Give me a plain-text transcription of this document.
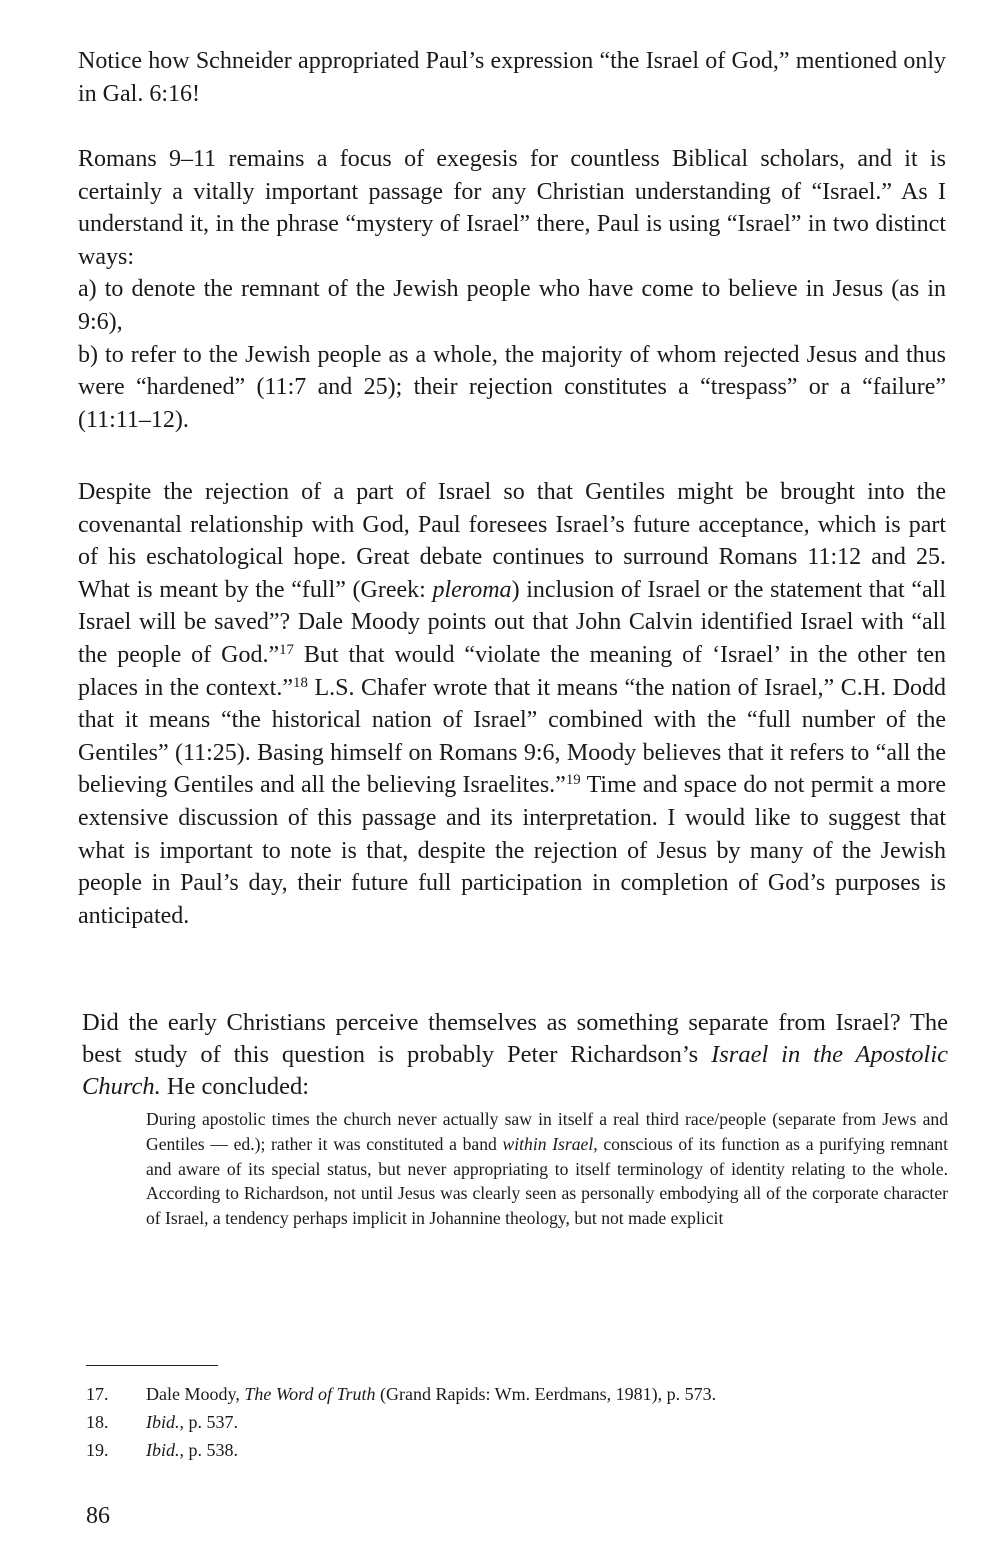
Notice how Schneider appropriated Paul’s expression “the Israel of God,” mentioned only in Gal. 6:16!

Romans 9–11 remains a focus of exegesis for countless Biblical scholars, and it is certainly a vitally important passage for any Christian understanding of “Israel.” As I understand it, in the phrase “mystery of Israel” there, Paul is using “Israel” in two distinct ways:
a) to denote the remnant of the Jewish people who have come to believe in Jesus (as in 9:6),
b) to refer to the Jewish people as a whole, the majority of whom rejected Jesus and thus were “hardened” (11:7 and 25); their rejection constitutes a “trespass” or a “failure” (11:11–12).

Despite the rejection of a part of Israel so that Gentiles might be brought into the covenantal relationship with God, Paul foresees Israel’s future acceptance, which is part of his eschatological hope. Great debate continues to surround Romans 11:12 and 25. What is meant by the “full” (Greek: pleroma) inclusion of Israel or the statement that “all Israel will be saved”? Dale Moody points out that John Calvin identified Israel with “all the people of God.”$^{17}$ But that would “violate the meaning of ‘Israel’ in the other ten places in the context.”$^{18}$ L.S. Chafer wrote that it means “the nation of Israel,” C.H. Dodd that it means “the historical nation of Israel” combined with the “full number of the Gentiles” (11:25). Basing himself on Romans 9:6, Moody believes that it refers to “all the believing Gentiles and all the believing Israelites.”$^{19}$ Time and space do not permit a more extensive discussion of this passage and its interpretation. I would like to suggest that what is important to note is that, despite the rejection of Jesus by many of the Jewish people in Paul’s day, their future full participation in completion of God’s purposes is anticipated.

Did the early Christians perceive themselves as something separate from Israel? The best study of this question is probably Peter Richardson’s Israel in the Apostolic Church. He concluded:

During apostolic times the church never actually saw in itself a real third race/people (separate from Jews and Gentiles — ed.); rather it was constituted a band within Israel, conscious of its function as a purifying remnant and aware of its special status, but never appropriating to itself terminology of identity relating to the whole. According to Richardson, not until Jesus was clearly seen as personally embodying all of the corporate character of Israel, a tendency perhaps implicit in Johannine theology, but not made explicit

17. Dale Moody, The Word of Truth (Grand Rapids: Wm. Eerdmans, 1981), p. 573.
18. Ibid., p. 537.
19. Ibid., p. 538.
86
